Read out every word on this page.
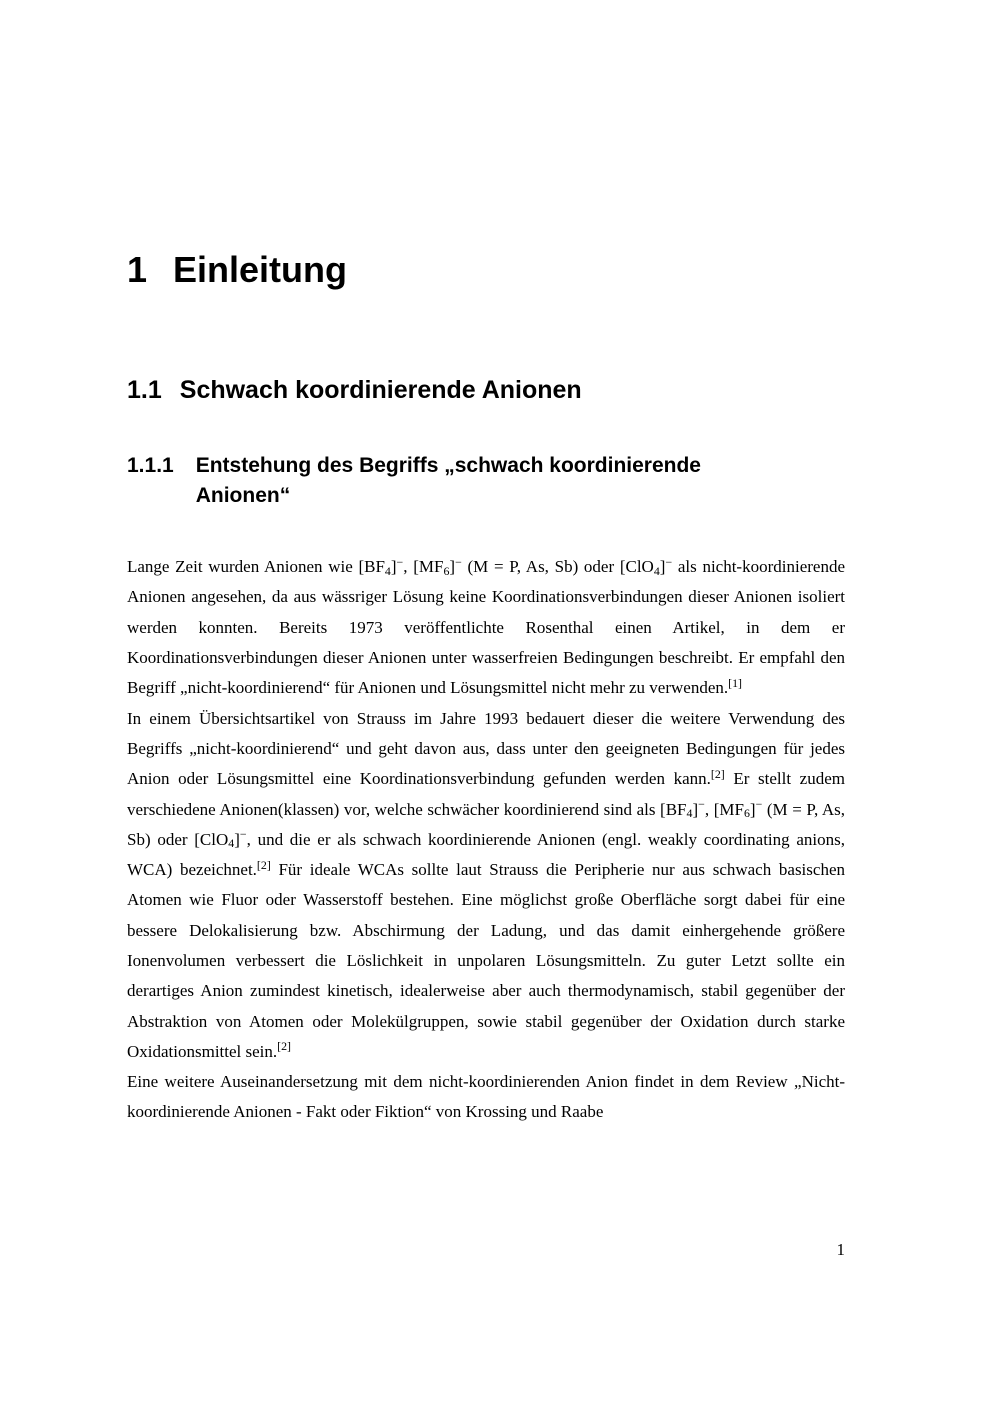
1 Einleitung
1.1 Schwach koordinierende Anionen
1.1.1 Entstehung des Begriffs „schwach koordinierende Anionen“

Lange Zeit wurden Anionen wie $[BF_4]^-$, $[MF_6]^-$ (M = P, As, Sb) oder [ClO$_4$]− als nicht-koordinierende Anionen angesehen, da aus wässriger Lösung keine Koordinationsverbindungen dieser Anionen isoliert werden konnten. Bereits 1973 veröffentlichte Rosenthal einen Artikel, in dem er Koordinationsverbindungen dieser Anionen unter wasserfreien Bedingungen beschreibt. Er empfahl den Begriff „nicht-koordinierend“ für Anionen und Lösungsmittel nicht mehr zu verwenden.[1]

In einem Übersichtsartikel von Strauss im Jahre 1993 bedauert dieser die weitere Verwendung des Begriffs „nicht-koordinierend“ und geht davon aus, dass unter den geeigneten Bedingungen für jedes Anion oder Lösungsmittel eine Koordinationsverbindung gefunden werden kann.[2] Er stellt zudem verschiedene Anionen(klassen) vor, welche schwächer koordinierend sind als $[BF_4]^-$, $[MF_6]^-$ (M = P, As, Sb) oder [ClO$_4$]−, und die er als schwach koordinierende Anionen (engl. weakly coordinating anions, WCA) bezeichnet.[2] Für ideale WCAs sollte laut Strauss die Peripherie nur aus schwach basischen Atomen wie Fluor oder Wasserstoff bestehen. Eine möglichst große Oberfläche sorgt dabei für eine bessere Delokalisierung bzw. Abschirmung der Ladung, und das damit einhergehende größere Ionenvolumen verbessert die Löslichkeit in unpolaren Lösungsmitteln. Zu guter Letzt sollte ein derartiges Anion zumindest kinetisch, idealerweise aber auch thermodynamisch, stabil gegenüber der Abstraktion von Atomen oder Molekülgruppen, sowie stabil gegenüber der Oxidation durch starke Oxidationsmittel sein.[2]

Eine weitere Auseinandersetzung mit dem nicht-koordinierenden Anion findet in dem Review „Nicht-koordinierende Anionen - Fakt oder Fiktion“ von Krossing und Raabe

1
